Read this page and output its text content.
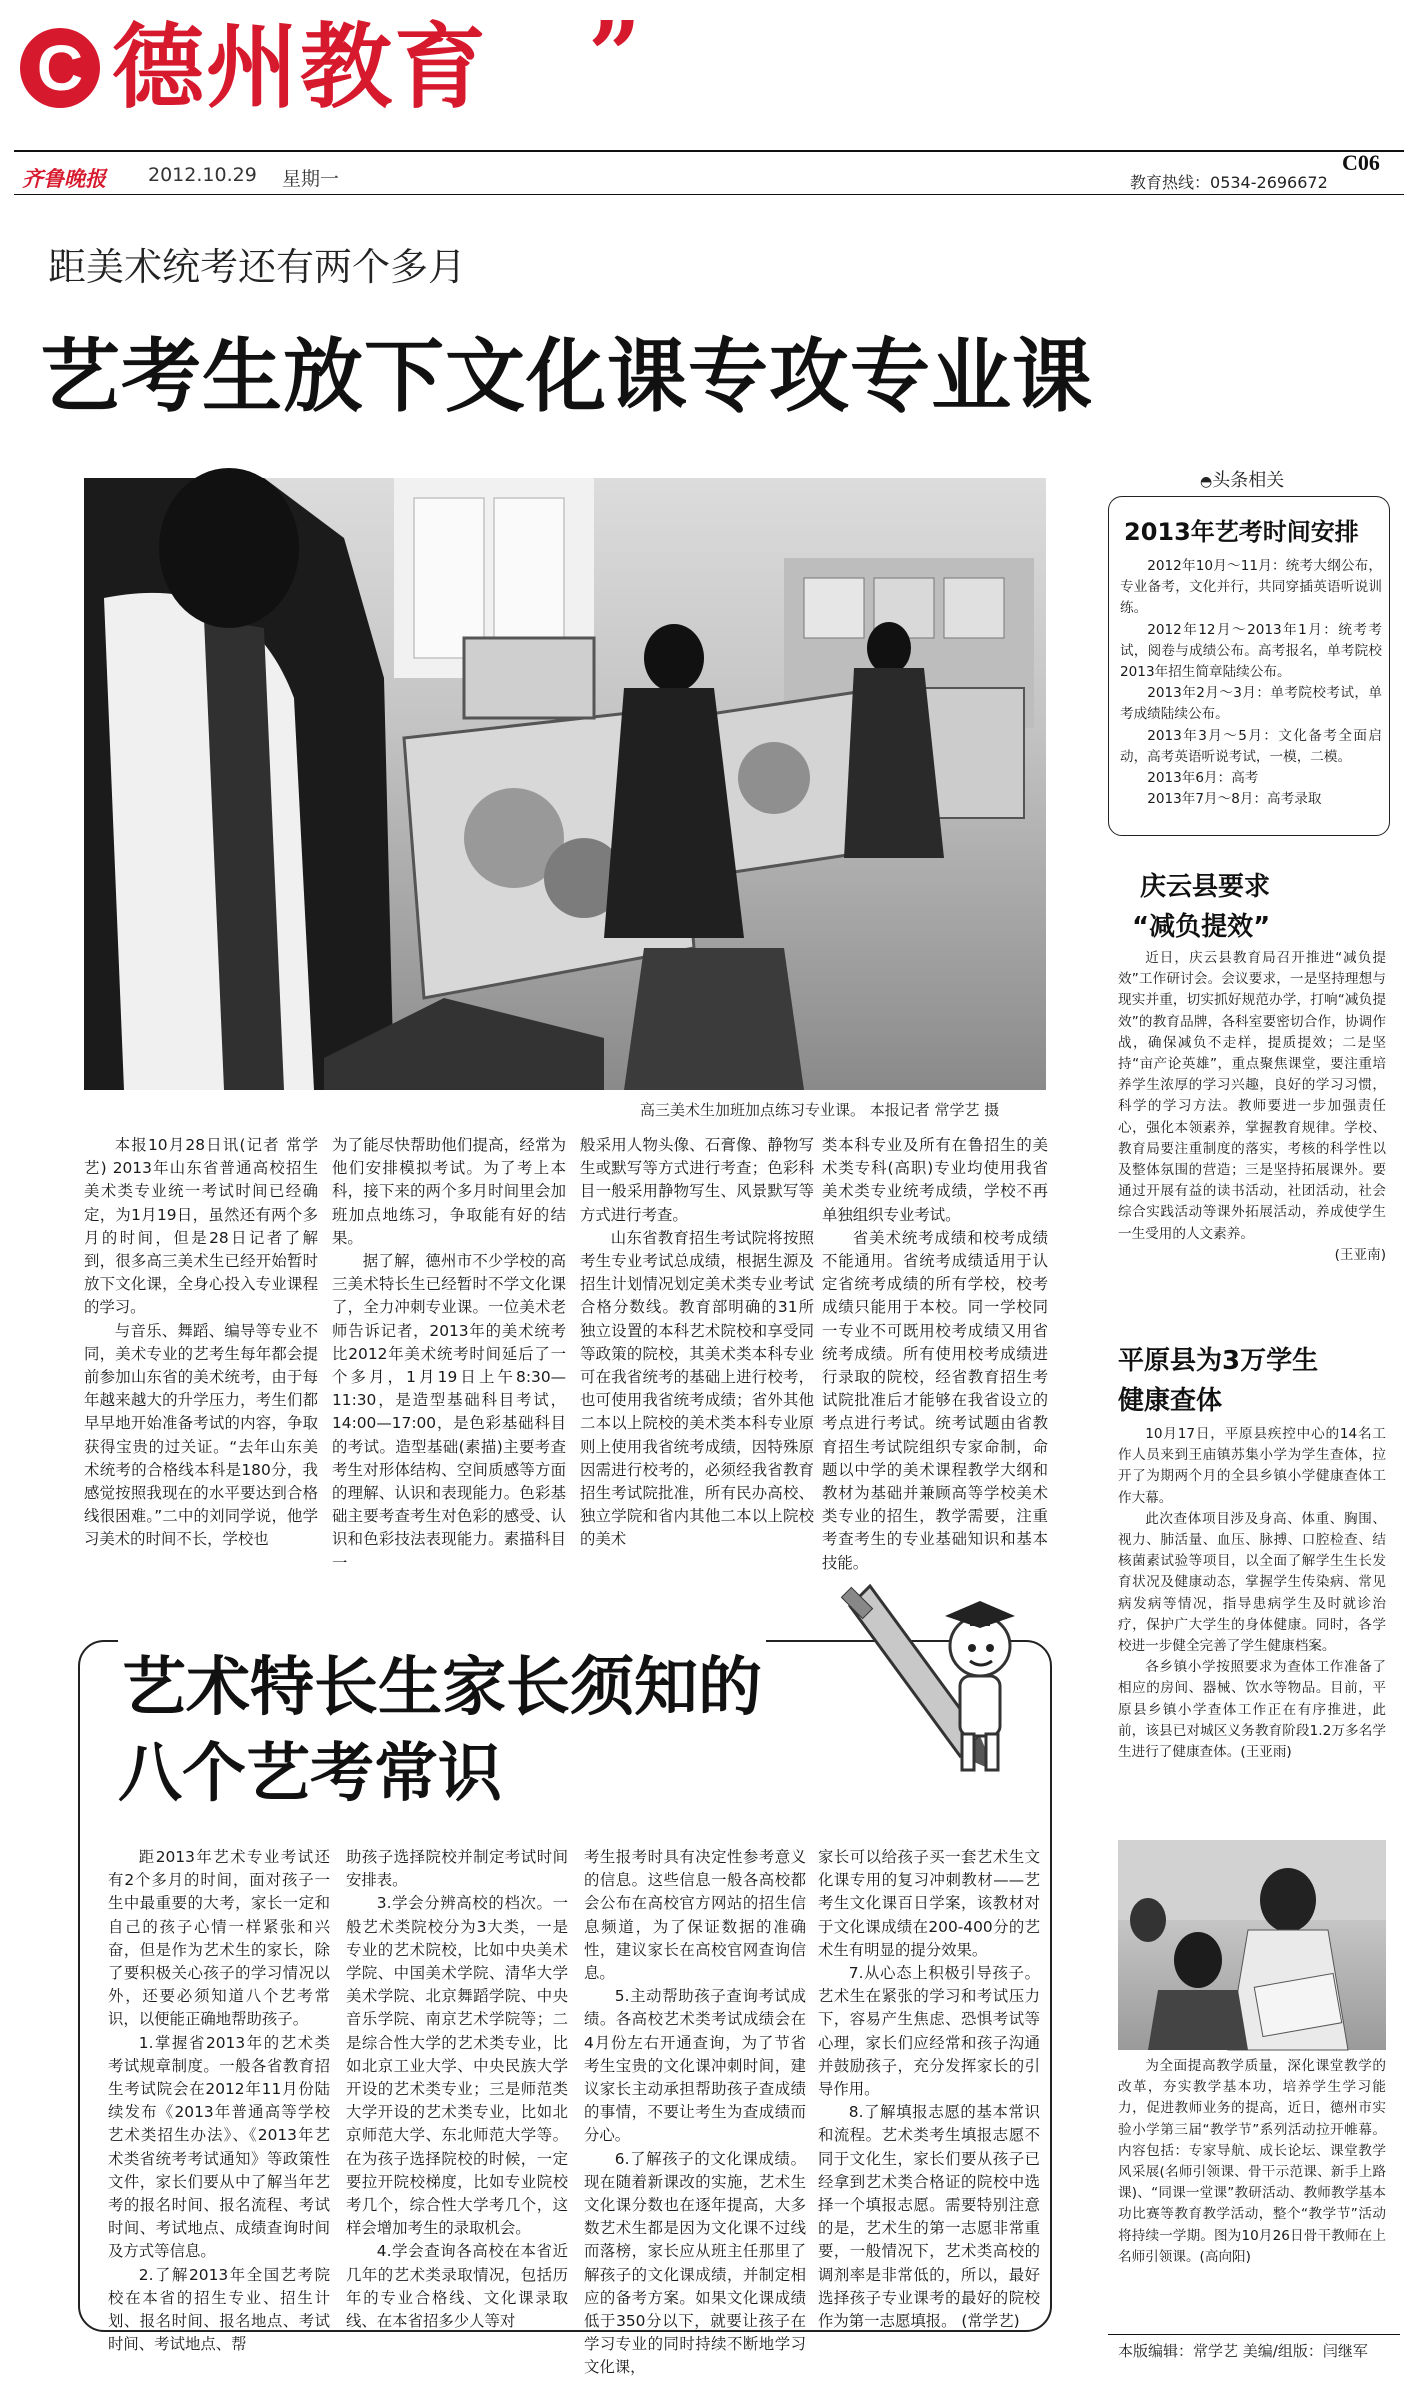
C 德州教育 ”
齐鲁晚报 2012.10.29 星期一
C06
教育热线：0534-2696672
距美术统考还有两个多月
艺考生放下文化课专攻专业课
高三美术生加班加点练习专业课。 本报记者 常学艺 摄

本报10月28日讯(记者 常学艺) 2013年山东省普通高校招生美术类专业统一考试时间已经确定，为1月19日，虽然还有两个多月的时间，但是28日记者了解到，很多高三美术生已经开始暂时放下文化课，全身心投入专业课程的学习。

与音乐、舞蹈、编导等专业不同，美术专业的艺考生每年都会提前参加山东省的美术统考，由于每年越来越大的升学压力，考生们都早早地开始准备考试的内容，争取获得宝贵的过关证。“去年山东美术统考的合格线本科是180分，我感觉按照我现在的水平要达到合格线很困难。”二中的刘同学说，他学习美术的时间不长，学校也

为了能尽快帮助他们提高，经常为他们安排模拟考试。为了考上本科，接下来的两个多月时间里会加班加点地练习，争取能有好的结果。

据了解，德州市不少学校的高三美术特长生已经暂时不学文化课了，全力冲刺专业课。一位美术老师告诉记者，2013年的美术统考比2012年美术统考时间延后了一个多月，1月19日上午8:30—11:30，是造型基础科目考试，14:00—17:00，是色彩基础科目的考试。造型基础(素描)主要考查考生对形体结构、空间质感等方面的理解、认识和表现能力。色彩基础主要考查考生对色彩的感受、认识和色彩技法表现能力。素描科目一

般采用人物头像、石膏像、静物写生或默写等方式进行考查；色彩科目一般采用静物写生、风景默写等方式进行考查。

山东省教育招生考试院将按照考生专业考试总成绩，根据生源及招生计划情况划定美术类专业考试合格分数线。教育部明确的31所独立设置的本科艺术院校和享受同等政策的院校，其美术类本科专业可在我省统考的基础上进行校考，也可使用我省统考成绩；省外其他二本以上院校的美术类本科专业原则上使用我省统考成绩，因特殊原因需进行校考的，必须经我省教育招生考试院批准，所有民办高校、独立学院和省内其他二本以上院校的美术

类本科专业及所有在鲁招生的美术类专科(高职)专业均使用我省美术类专业统考成绩，学校不再单独组织专业考试。

省美术统考成绩和校考成绩不能通用。省统考成绩适用于认定省统考成绩的所有学校，校考成绩只能用于本校。同一学校同一专业不可既用校考成绩又用省统考成绩。所有使用校考成绩进行录取的院校，经省教育招生考试院批准后才能够在我省设立的考点进行考试。统考试题由省教育招生考试院组织专家命制，命题以中学的美术课程教学大纲和教材为基础并兼顾高等学校美术类专业的招生，教学需要，注重考查考生的专业基础知识和基本技能。

艺术特长生家长须知的
八个艺考常识

距2013年艺术专业考试还有2个多月的时间，面对孩子一生中最重要的大考，家长一定和自己的孩子心情一样紧张和兴奋，但是作为艺术生的家长，除了要积极关心孩子的学习情况以外，还要必须知道八个艺考常识，以便能正确地帮助孩子。

1.掌握省2013年的艺术类考试规章制度。一般各省教育招生考试院会在2012年11月份陆续发布《2013年普通高等学校艺术类招生办法》、《2013年艺术类省统考考试通知》等政策性文件，家长们要从中了解当年艺考的报名时间、报名流程、考试时间、考试地点、成绩查询时间及方式等信息。

2.了解2013年全国艺考院校在本省的招生专业、招生计划、报名时间、报名地点、考试时间、考试地点、帮

助孩子选择院校并制定考试时间安排表。

3.学会分辨高校的档次。一般艺术类院校分为3大类，一是专业的艺术院校，比如中央美术学院、中国美术学院、清华大学美术学院、北京舞蹈学院、中央音乐学院、南京艺术学院等；二是综合性大学的艺术类专业，比如北京工业大学、中央民族大学开设的艺术类专业；三是师范类大学开设的艺术类专业，比如北京师范大学、东北师范大学等。在为孩子选择院校的时候，一定要拉开院校梯度，比如专业院校考几个，综合性大学考几个，这样会增加考生的录取机会。

4.学会查询各高校在本省近几年的艺术类录取情况，包括历年的专业合格线、文化课录取线、在本省招多少人等对

考生报考时具有决定性参考意义的信息。这些信息一般各高校都会公布在高校官方网站的招生信息频道，为了保证数据的准确性，建议家长在高校官网查询信息。

5.主动帮助孩子查询考试成绩。各高校艺术类考试成绩会在4月份左右开通查询，为了节省考生宝贵的文化课冲刺时间，建议家长主动承担帮助孩子查成绩的事情，不要让考生为查成绩而分心。

6.了解孩子的文化课成绩。现在随着新课改的实施，艺术生文化课分数也在逐年提高，大多数艺术生都是因为文化课不过线而落榜，家长应从班主任那里了解孩子的文化课成绩，并制定相应的备考方案。如果文化课成绩低于350分以下，就要让孩子在学习专业的同时持续不断地学习文化课，

家长可以给孩子买一套艺术生文化课专用的复习冲刺教材——艺考生文化课百日学案，该教材对于文化课成绩在200-400分的艺术生有明显的提分效果。

7.从心态上积极引导孩子。艺术生在紧张的学习和考试压力下，容易产生焦虑、恐惧考试等心理，家长们应经常和孩子沟通并鼓励孩子，充分发挥家长的引导作用。

8.了解填报志愿的基本常识和流程。艺术类考生填报志愿不同于文化生，家长们要从孩子已经拿到艺术类合格证的院校中选择一个填报志愿。需要特别注意的是，艺术生的第一志愿非常重要，一般情况下，艺术类高校的调剂率是非常低的，所以，最好选择孩子专业课考的最好的院校作为第一志愿填报。 (常学艺)

◓头条相关
2013年艺考时间安排

2012年10月～11月：统考大纲公布，专业备考，文化并行，共同穿插英语听说训练。

2012年12月～2013年1月：统考考试，阅卷与成绩公布。高考报名，单考院校2013年招生简章陆续公布。

2013年2月～3月：单考院校考试，单考成绩陆续公布。

2013年3月～5月：文化备考全面启动，高考英语听说考试，一模，二模。

2013年6月：高考

2013年7月～8月：高考录取

庆云县要求
“减负提效”

近日，庆云县教育局召开推进“减负提效”工作研讨会。会议要求，一是坚持理想与现实并重，切实抓好规范办学，打响“减负提效”的教育品牌，各科室要密切合作，协调作战，确保减负不走样，提质提效；二是坚持“亩产论英雄”，重点聚焦课堂，要注重培养学生浓厚的学习兴趣，良好的学习习惯，科学的学习方法。教师要进一步加强责任心，强化本领素养，掌握教育规律。学校、教育局要注重制度的落实，考核的科学性以及整体氛围的营造；三是坚持拓展课外。要通过开展有益的读书活动，社团活动，社会综合实践活动等课外拓展活动，养成使学生一生受用的人文素养。

(王亚南)

平原县为3万学生
健康查体

10月17日，平原县疾控中心的14名工作人员来到王庙镇苏集小学为学生查体，拉开了为期两个月的全县乡镇小学健康查体工作大幕。

此次查体项目涉及身高、体重、胸围、视力、肺活量、血压、脉搏、口腔检查、结核菌素试验等项目，以全面了解学生生长发育状况及健康动态，掌握学生传染病、常见病发病等情况，指导患病学生及时就诊治疗，保护广大学生的身体健康。同时，各学校进一步健全完善了学生健康档案。

各乡镇小学按照要求为查体工作准备了相应的房间、器械、饮水等物品。目前，平原县乡镇小学查体工作正在有序推进，此前，该县已对城区义务教育阶段1.2万多名学生进行了健康查体。(王亚雨)

为全面提高教学质量，深化课堂教学的改革，夯实教学基本功，培养学生学习能力，促进教师业务的提高，近日，德州市实验小学第三届“教学节”系列活动拉开帷幕。内容包括：专家导航、成长论坛、课堂教学风采展(名师引领课、骨干示范课、新手上路课)、“同课一堂课”教研活动、教师教学基本功比赛等教育教学活动，整个“教学节”活动将持续一学期。图为10月26日骨干教师在上名师引领课。(高向阳)

本版编辑：常学艺 美编/组版：闫继军
